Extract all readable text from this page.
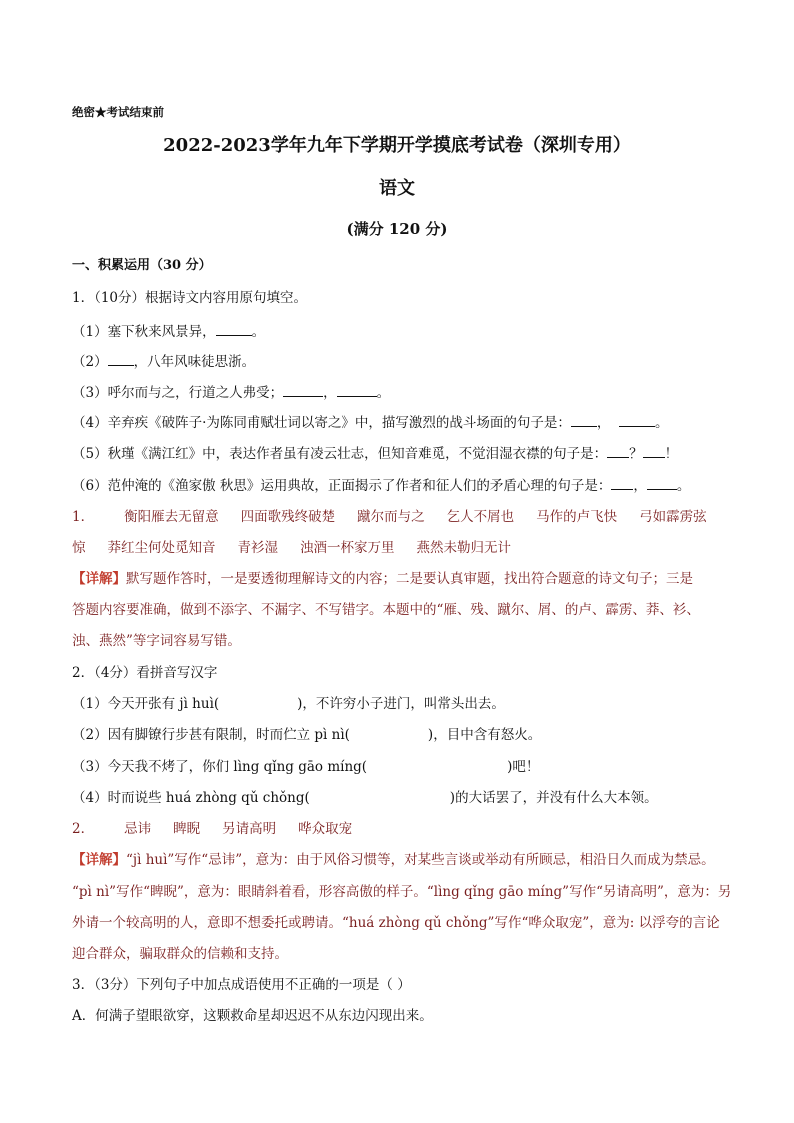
绝密★考试结束前
2022-2023学年九年下学期开学摸底考试卷（深圳专用）
语文
(满分 120 分)
一、积累运用（30 分）
1．（10分）根据诗文内容用原句填空。
（1）塞下秋来风景异，	。
（2） ，八年风味徒思浙。
（3）呼尔而与之，行道之人弗受；	，	。
（4）辛弃疾《破阵子·为陈同甫赋壮词以寄之》中，描写激烈的战斗场面的句子是： ，	。
（5）秋瑾《满江红》中，表达作者虽有凌云壮志，但知音难觅，不觉泪湿衣襟的句子是： ？ ！
（6）范仲淹的《渔家傲 秋思》运用典故，正面揭示了作者和征人们的矛盾心理的句子是： ， 。
1． 衡阳雁去无留意 四面歌残终破楚 蹴尔而与之 乞人不屑也 马作的卢飞快 弓如霹雳弦
惊 莽红尘何处觅知音 青衫湿 浊酒一杯家万里 燕然未勒归无计
【详解】默写题作答时，一是要透彻理解诗文的内容；二是要认真审题，找出符合题意的诗文句子；三是
答题内容要准确，做到不添字、不漏字、不写错字。本题中的“雁、残、蹴尔、屑、的卢、霹雳、莽、衫、
浊、燕然”等字词容易写错。
2．（4分）看拼音写汉字
（1）今天开张有 jì huì(	)，不许穷小子进门，叫常头出去。
（2）因有脚镣行步甚有限制，时而伫立 pì nì(	)，目中含有怒火。
（3）今天我不烤了，你们 lìng qǐng gāo míng(	)吧！
（4）时而说些 huá zhòng qǔ chǒng(	)的大话罢了，并没有什么大本领。
2． 忌讳 睥睨 另请高明 哗众取宠
【详解】“jì huì”写作“忌讳”，意为：由于风俗习惯等，对某些言谈或举动有所顾忌，相沿日久而成为禁忌。
“pì nì”写作“睥睨”，意为：眼睛斜着看，形容高傲的样子。“lìng qǐng gāo míng”写作“另请高明”，意为：另
外请一个较高明的人，意即不想委托或聘请。“huá zhòng qǔ chǒng”写作“哗众取宠”，意为: 以浮夸的言论
迎合群众，骗取群众的信赖和支持。
3．（3分）下列句子中加点成语使用不正确的一项是（ ）
A．何满子望眼欲穿，这颗救命星却迟迟不从东边闪现出来。
